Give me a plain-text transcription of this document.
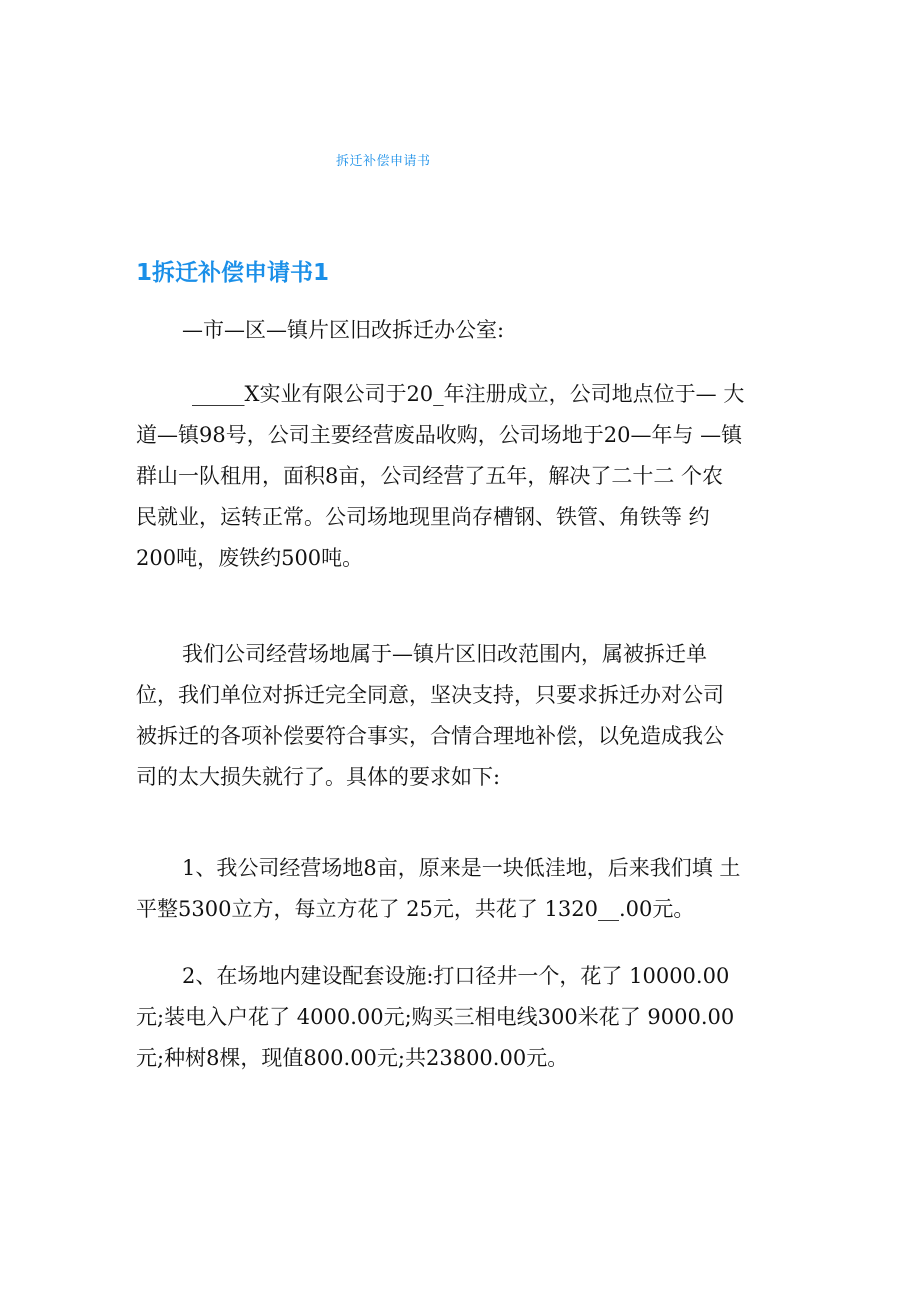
拆迁补偿申请书
1拆迁补偿申请书1
—市—区—镇片区旧改拆迁办公室:
_____X实业有限公司于20_年注册成立，公司地点位于— 大
道—镇98号，公司主要经营废品收购，公司场地于20—年与 —镇
群山一队租用，面积8亩，公司经营了五年，解决了二十二 个农
民就业，运转正常。公司场地现里尚存槽钢、铁管、角铁等 约
200吨，废铁约500吨。
我们公司经营场地属于—镇片区旧改范围内，属被拆迁单
位，我们单位对拆迁完全同意，坚决支持，只要求拆迁办对公司
被拆迁的各项补偿要符合事实，合情合理地补偿，以免造成我公
司的太大损失就行了。具体的要求如下:
1、我公司经营场地8亩，原来是一块低洼地，后来我们填 土
平整5300立方，每立方花了 25元，共花了 1320__.00元。
2、在场地内建设配套设施:打口径井一个，花了 10000.00
元;装电入户花了 4000.00元;购买三相电线300米花了 9000.00
元;种树8棵，现值800.00元;共23800.00元。
